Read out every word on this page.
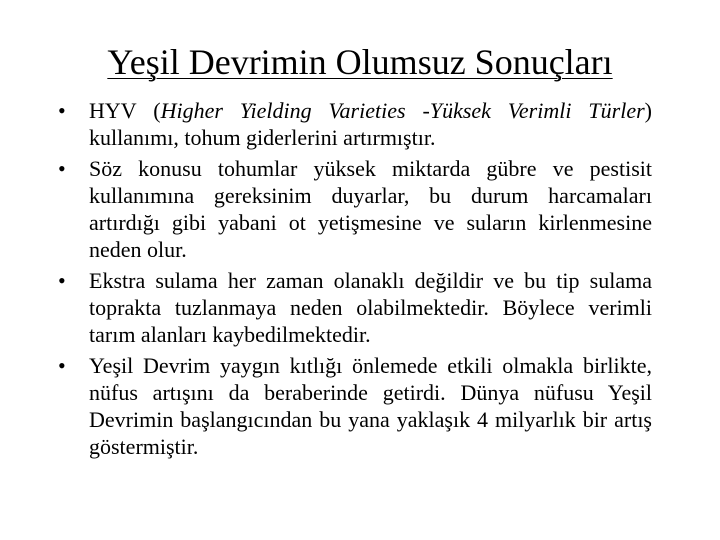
Yeşil Devrimin Olumsuz Sonuçları
•	HYV (Higher Yielding Varieties -Yüksek Verimli Türler) kullanımı, tohum giderlerini artırmıştır.
•	Söz konusu tohumlar yüksek miktarda gübre ve pestisit kullanımına gereksinim duyarlar, bu durum harcamaları artırdığı gibi yabani ot yetişmesine ve suların kirlenmesine neden olur.
•	Ekstra sulama her zaman olanaklı değildir ve bu tip sulama toprakta tuzlanmaya neden olabilmektedir. Böylece verimli tarım alanları kaybedilmektedir.
•	Yeşil Devrim yaygın kıtlığı önlemede etkili olmakla birlikte, nüfus artışını da beraberinde getirdi. Dünya nüfusu Yeşil Devrimin başlangıcından bu yana yaklaşık 4 milyarlık bir artış göstermiştir.
